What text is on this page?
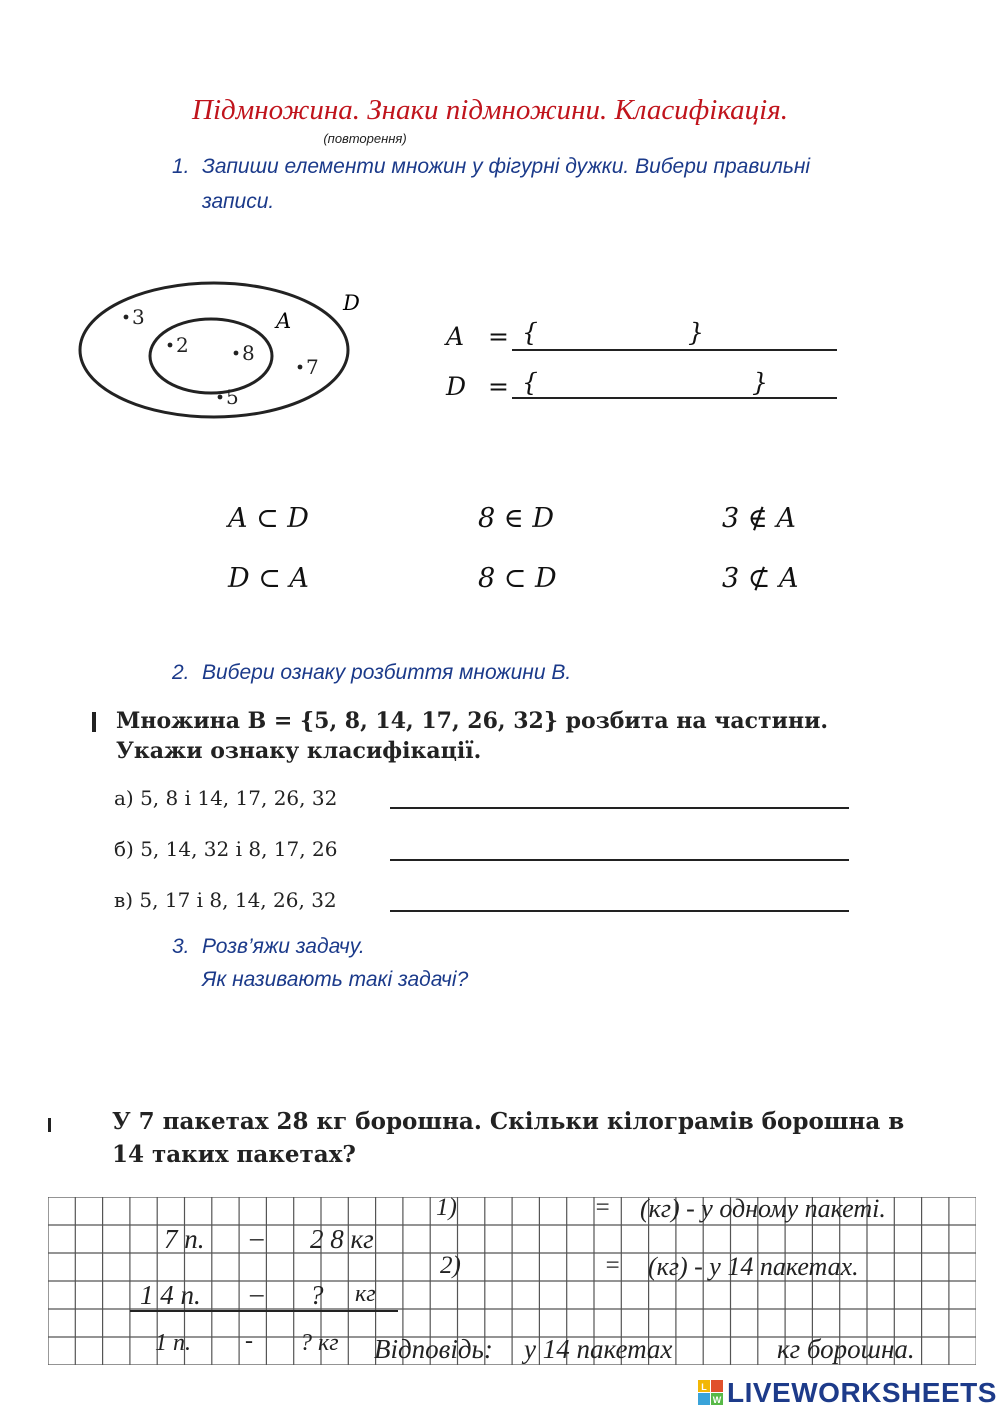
Підмножина. Знаки підмножини. Класифікація.
(повторення)
1. Запиши елементи множин у фігурні дужки. Вибери правильні
записи.
D
A
3
2	8
7
5
A = {	}
D = {	}
A ⊂ D	8 ∈ D	3 ∉ A
D ⊂ A	8 ⊂ D	3 ⊄ A
2. Вибери ознаку розбиття множини В.
Множина B = {5, 8, 14, 17, 26, 32} розбита на частини.
Укажи ознаку класифікації.
а) 5, 8 і 14, 17, 26, 32
б) 5, 14, 32 і 8, 17, 26
в) 5, 17 і 8, 14, 26, 32
3. Розв’яжи задачу.
Як називають такі задачі?
У 7 пакетах 28 кг борошна. Скільки кілограмів борошна в
14 таких пакетах?
7 п. – 2 8 кг
1 4 п. – ? кг
1 п. - ? кг
1)	= (кг) - у одному пакеті.
2)	= (кг) - у 14 пакетах.
Відповідь: у 14 пакетах	кг борошна.
L
W LIVEWORKSHEETS
